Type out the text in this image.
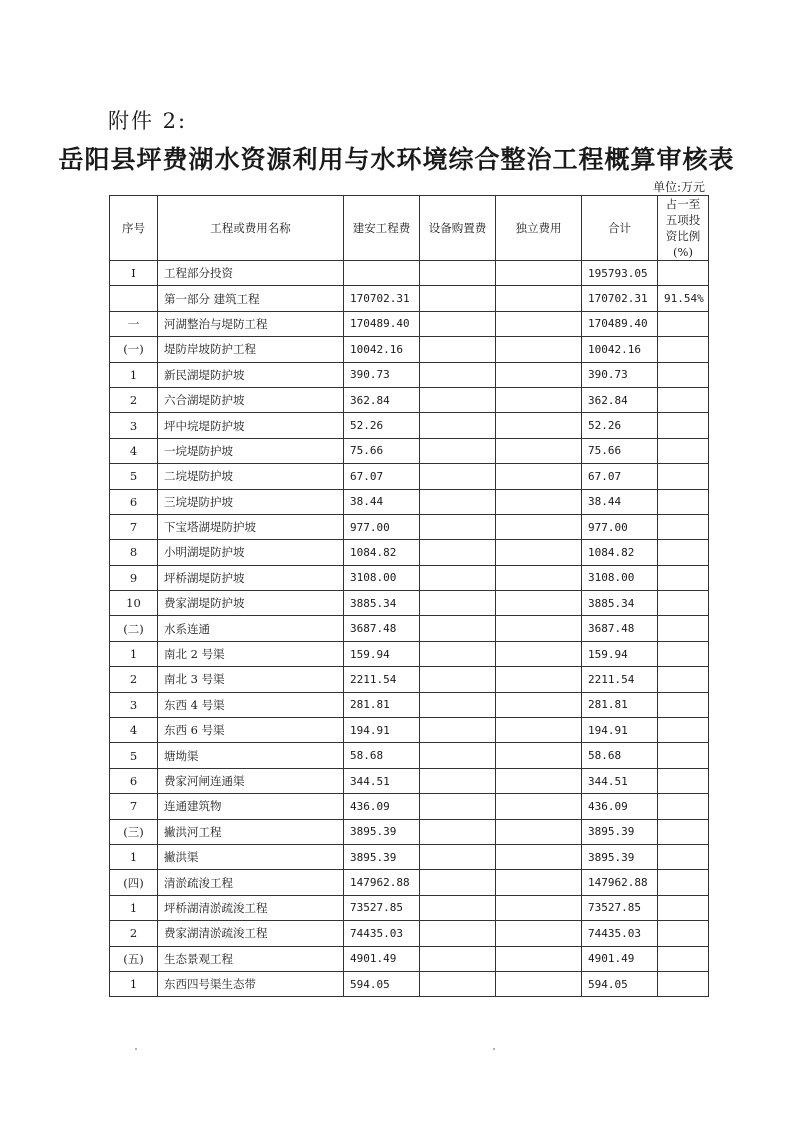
附件 2:
岳阳县坪费湖水资源利用与水环境综合整治工程概算审核表
单位:万元
序号	工程或费用名称	建安工程费	设备购置费	独立费用	合计	占一至五项投资比例(%)
I	工程部分投资				195793.05	
	第一部分 建筑工程	170702.31			170702.31	91.54%
一	河湖整治与堤防工程	170489.40			170489.40	
(一)	堤防岸坡防护工程	10042.16			10042.16	
1	新民湖堤防护坡	390.73			390.73	
2	六合湖堤防护坡	362.84			362.84	
3	坪中垸堤防护坡	52.26			52.26	
4	一垸堤防护坡	75.66			75.66	
5	二垸堤防护坡	67.07			67.07	
6	三垸堤防护坡	38.44			38.44	
7	下宝塔湖堤防护坡	977.00			977.00	
8	小明湖堤防护坡	1084.82			1084.82	
9	坪桥湖堤防护坡	3108.00			3108.00	
10	费家湖堤防护坡	3885.34			3885.34	
(二)	水系连通	3687.48			3687.48	
1	南北 2 号渠	159.94			159.94	
2	南北 3 号渠	2211.54			2211.54	
3	东西 4 号渠	281.81			281.81	
4	东西 6 号渠	194.91			194.91	
5	塘坳渠	58.68			58.68	
6	费家河闸连通渠	344.51			344.51	
7	连通建筑物	436.09			436.09	
(三)	撇洪河工程	3895.39			3895.39	
1	撇洪渠	3895.39			3895.39	
(四)	清淤疏浚工程	147962.88			147962.88	
1	坪桥湖清淤疏浚工程	73527.85			73527.85	
2	费家湖清淤疏浚工程	74435.03			74435.03	
(五)	生态景观工程	4901.49			4901.49	
1	东西四号渠生态带	594.05			594.05	
